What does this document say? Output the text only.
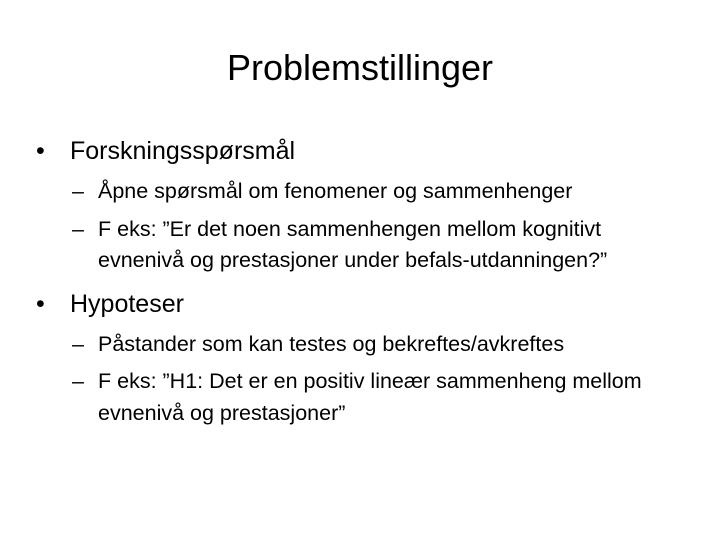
Problemstillinger
•	Forskningsspørsmål
– Åpne spørsmål om fenomener og sammenhenger
– F eks: ”Er det noen sammenhengen mellom kognitivt evnenivå og prestasjoner under befals-utdanningen?”
•	Hypoteser
– Påstander som kan testes og bekreftes/avkreftes
– F eks: ”H1: Det er en positiv lineær sammenheng mellom evnenivå og prestasjoner”
